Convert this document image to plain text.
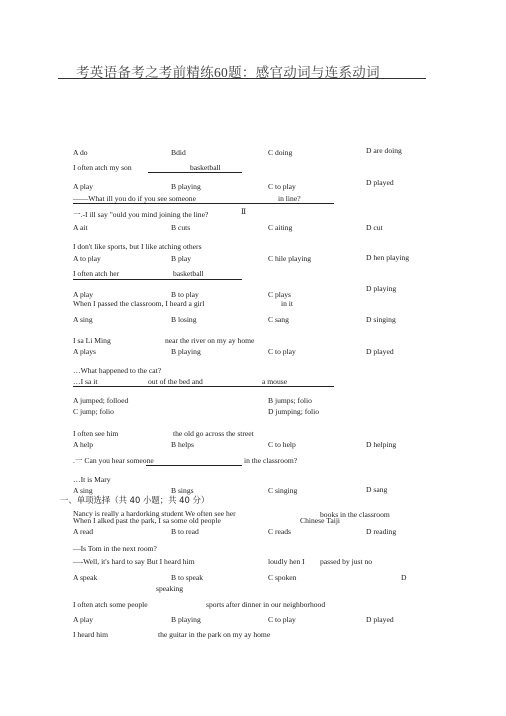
考英语备考之考前精练60题：感官动词与连系动词
A do	Bdid	C doing	D are doing
I often atch my son	basketball
A play	B playing	C to play	D played
——What ill you do if you see someone	in line?
一.-I ill say "ould you mind joining the line?	Ⅱ
A ait	B cuts	C aiting	D cut
I don't like sports, but I like atching others
A to play	B play	C hile playing	D hen playing
I often atch her	basketball
A play	B to play	C plays
D playing
When I passed the classroom, I heard a girl	in it
A sing	B losing	C sang	D singing
I sa Li Ming	near the river on my ay home
A plays	B playing	C to play	D played
…What happened to the cat?
…I sa it	out of the bed and	a mouse
A jumped; folloed	B jumps; folio
C jump; folio	D jumping; folio
I often see him	the old go across the street
A help	B helps	C to help	D helping
.一 Can you hear someone	in the classroom?
…It is Mary
A sing	B sings	C singing	D sang
一、单项选择（共 40 小题；共 40 分）
Nancy is really a hardorking student We often see her	books in the classroom
When I alked past the park, I sa some old people	Chinese Taiji
A read	B to read	C reads	D reading
—Is Tom in the next room?
—-Well, it's hard to say But I heard him	loudly hen I passed by just no
A speak	B to speak	C spoken	D
speaking
I often atch some people	sports after dinner in our neighborhood
A play	B playing	C to play	D played
I heard him	the guitar in the park on my ay home
